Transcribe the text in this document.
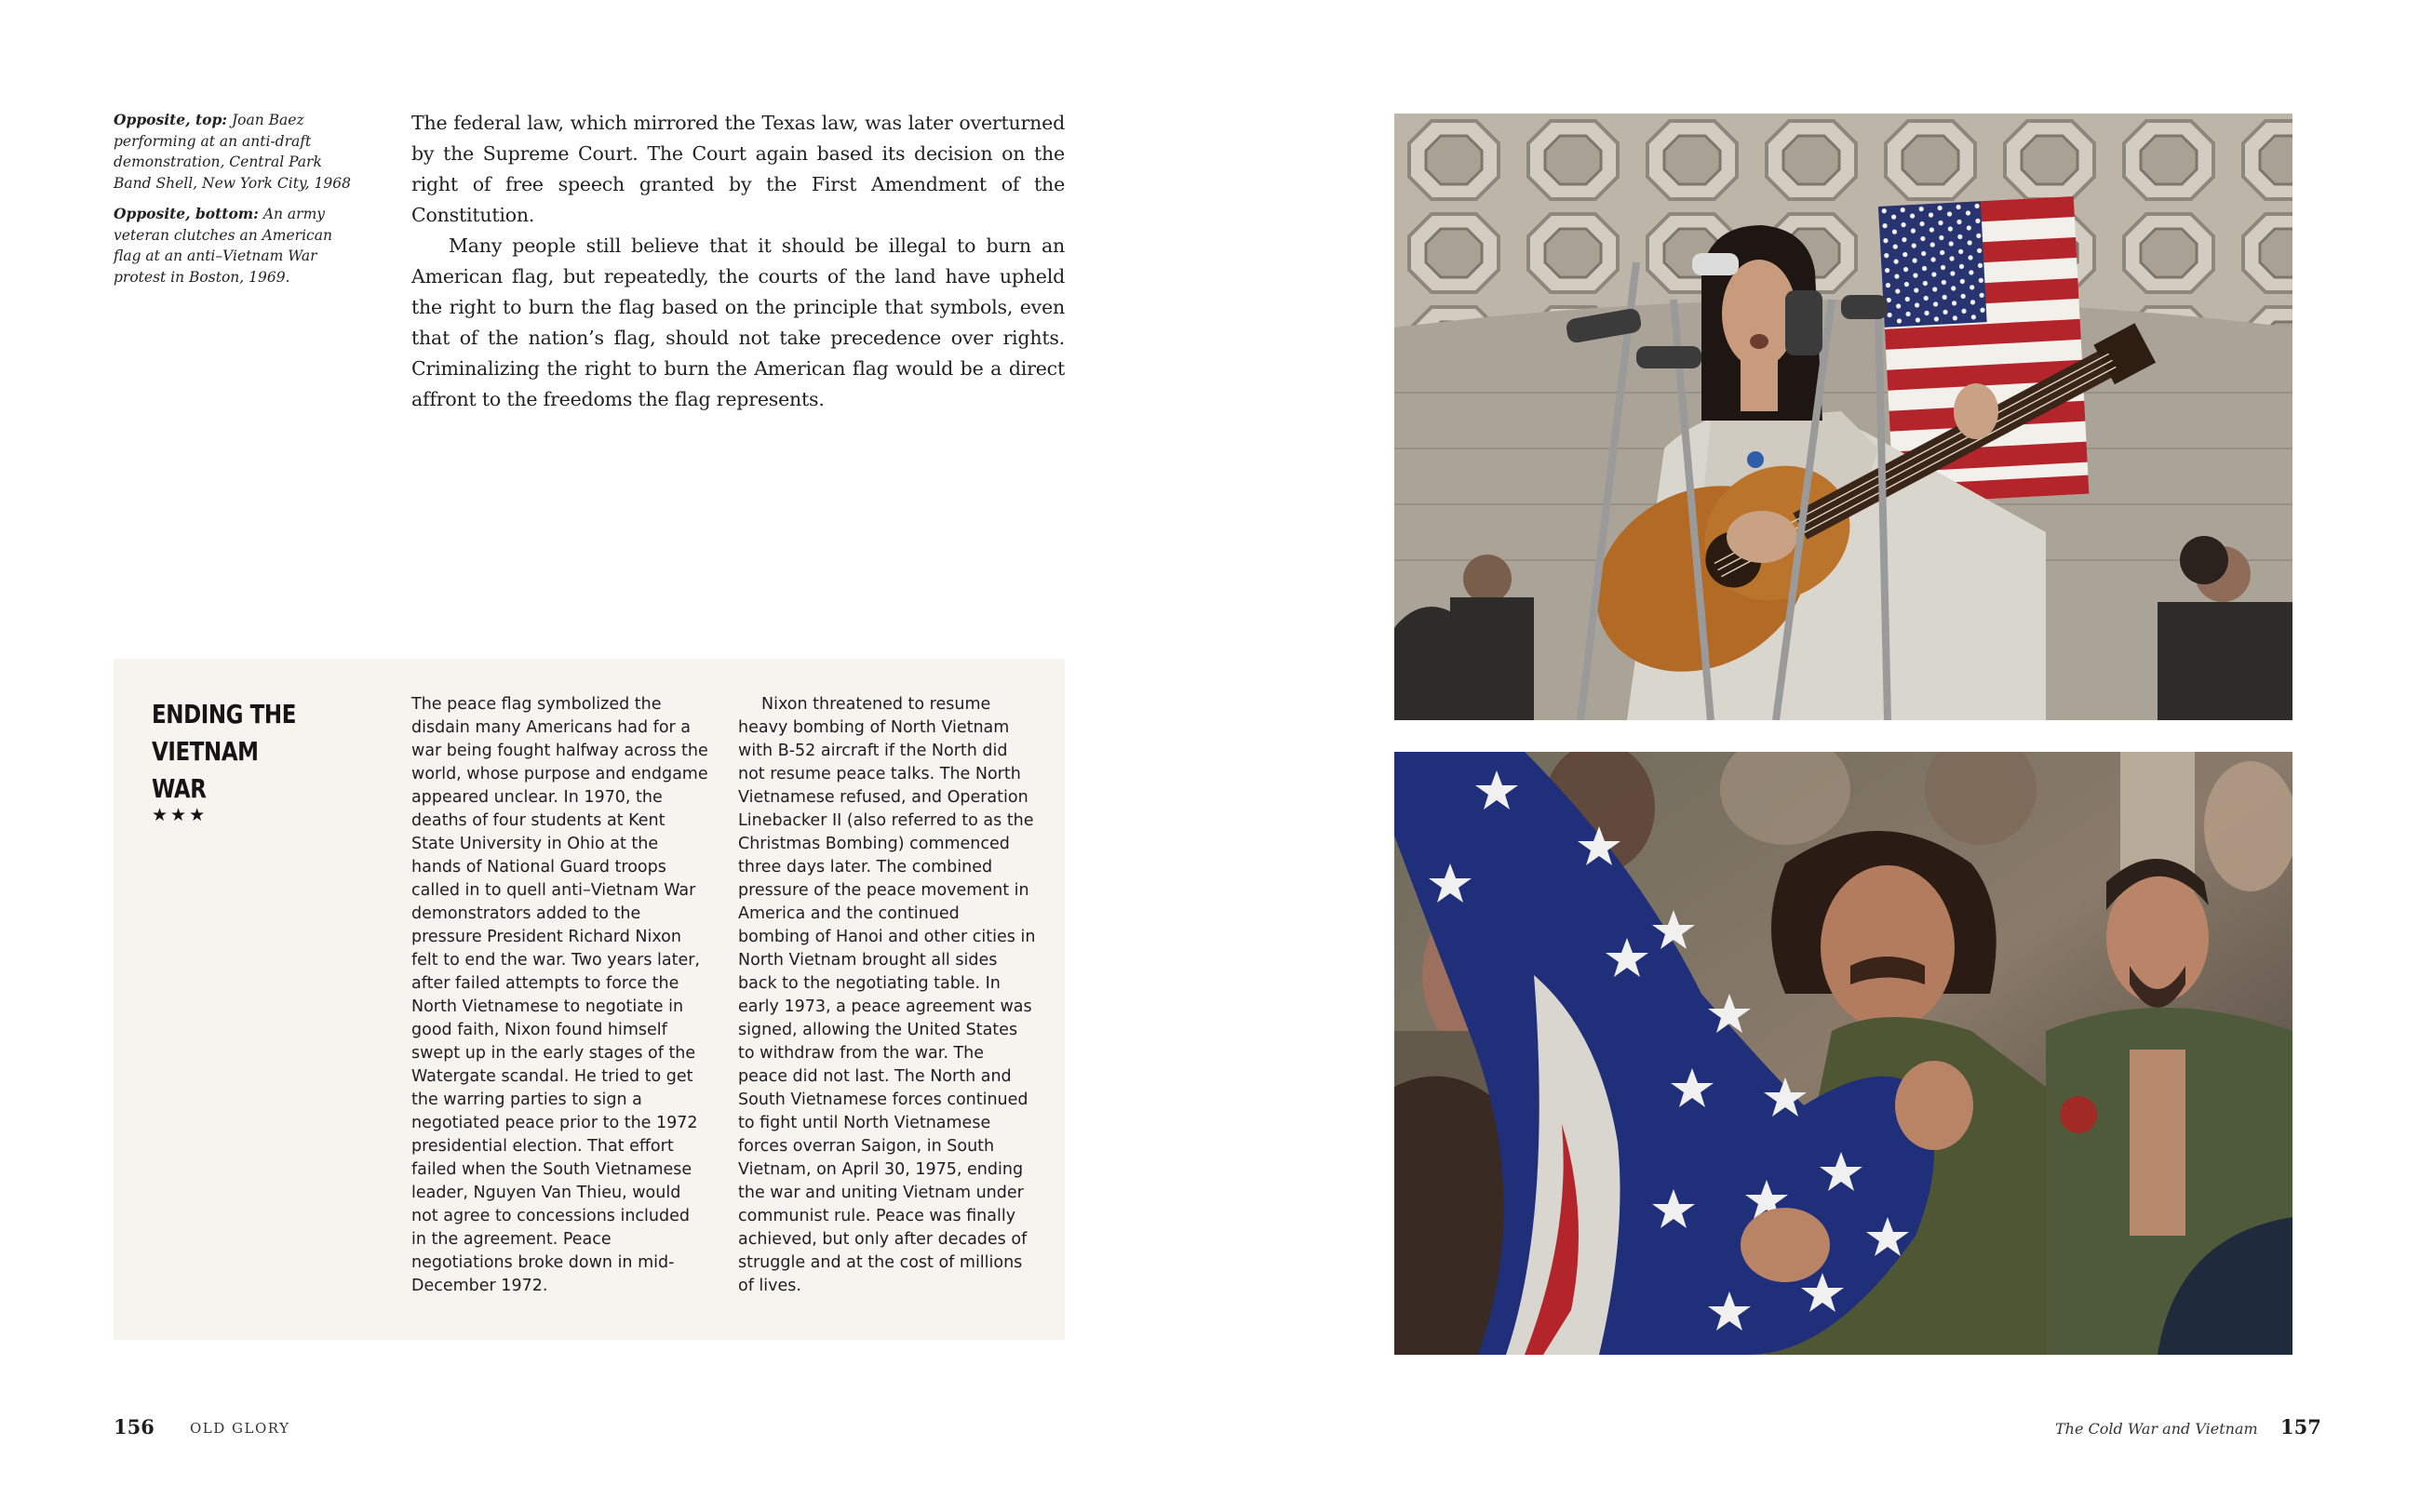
Opposite, top: Joan Baez performing at an anti-draft demonstration, Central Park Band Shell, New York City, 1968

Opposite, bottom: An army veteran clutches an American flag at an anti–Vietnam War protest in Boston, 1969.

The federal law, which mirrored the Texas law, was later overturned by the Supreme Court. The Court again based its decision on the right of free speech granted by the First Amendment of the Constitution.

Many people still believe that it should be illegal to burn an American flag, but repeatedly, the courts of the land have upheld the right to burn the flag based on the principle that symbols, even that of the nation’s flag, should not take precedence over rights. Criminalizing the right to burn the American flag would be a direct affront to the freedoms the flag represents.

ENDING THE VIETNAM WAR
★★★
The peace flag symbolized the disdain many Americans had for a war being fought halfway across the world, whose purpose and endgame appeared unclear. In 1970, the deaths of four students at Kent State University in Ohio at the hands of National Guard troops called in to quell anti–Vietnam War demonstrators added to the pressure President Richard Nixon felt to end the war. Two years later, after failed attempts to force the North Vietnamese to negotiate in good faith, Nixon found himself swept up in the early stages of the Watergate scandal. He tried to get the warring parties to sign a negotiated peace prior to the 1972 presidential election. That effort failed when the South Vietnamese leader, Nguyen Van Thieu, would not agree to concessions included in the agreement. Peace negotiations broke down in mid-December 1972.
Nixon threatened to resume heavy bombing of North Vietnam with B-52 aircraft if the North did not resume peace talks. The North Vietnamese refused, and Operation Linebacker II (also referred to as the Christmas Bombing) commenced three days later. The combined pressure of the peace movement in America and the continued bombing of Hanoi and other cities in North Vietnam brought all sides back to the negotiating table. In early 1973, a peace agreement was signed, allowing the United States to withdraw from the war. The peace did not last. The North and South Vietnamese forces continued to fight until North Vietnamese forces overran Saigon, in South Vietnam, on April 30, 1975, ending the war and uniting Vietnam under communist rule. Peace was finally achieved, but only after decades of struggle and at the cost of millions of lives.
156	OLD GLORY	The Cold War and Vietnam 157
